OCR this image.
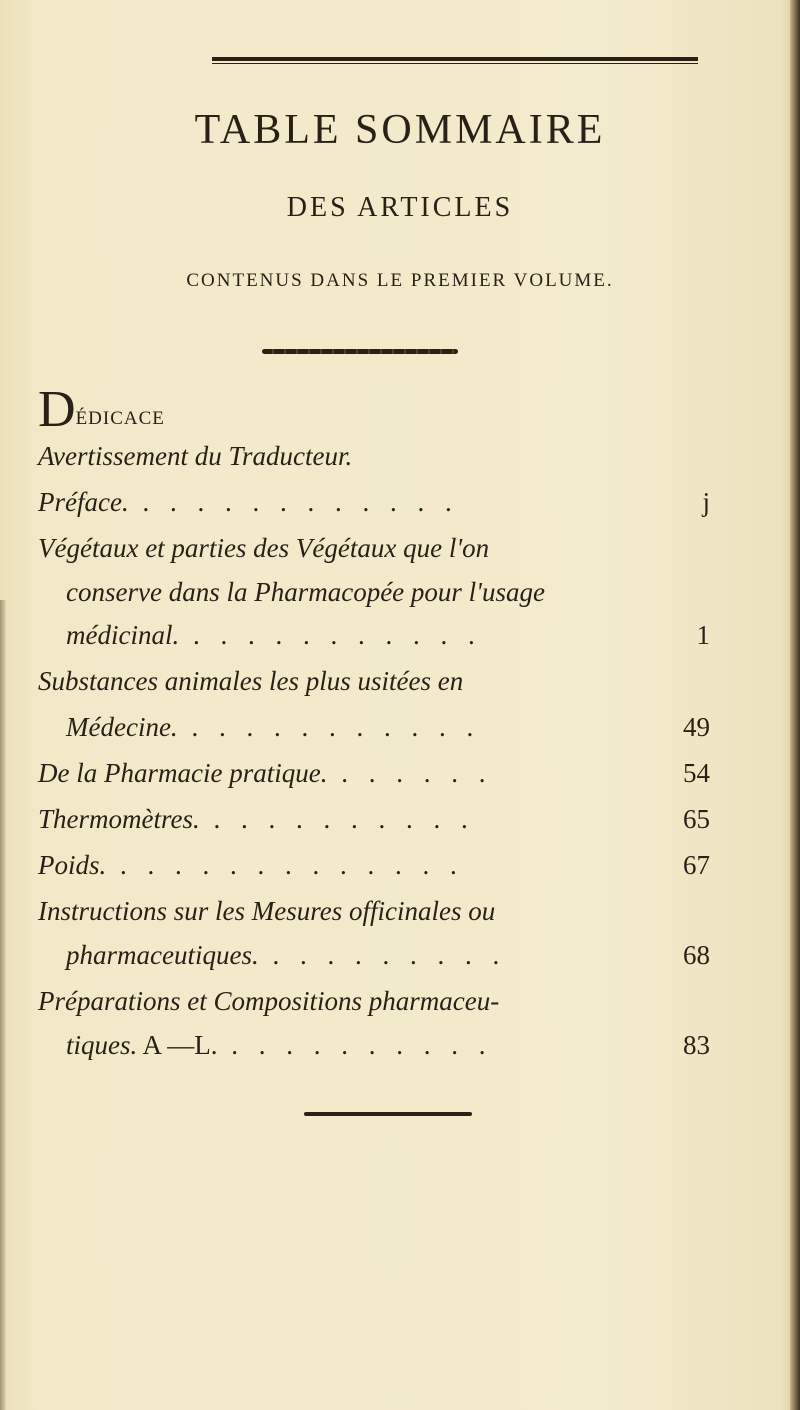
TABLE SOMMAIRE
DES ARTICLES
CONTENUS DANS LE PREMIER VOLUME.
DÉDICACE
Avertissement du Traducteur.
Préface. . . . . . . . . . . . .	j
Végétaux et parties des Végétaux que l'on
conserve dans la Pharmacopée pour l'usage
médicinal. . . . . . . . . . . .	1
Substances animales les plus usitées en
Médecine. . . . . . . . . . . .	49
De la Pharmacie pratique. . . . . . .	54
Thermomètres. . . . . . . . . . .	65
Poids. . . . . . . . . . . . . .	67
Instructions sur les Mesures officinales ou
pharmaceutiques. . . . . . . . . .	68
Préparations et Compositions pharmaceu-
tiques. A —L. . . . . . . . . . .	83
